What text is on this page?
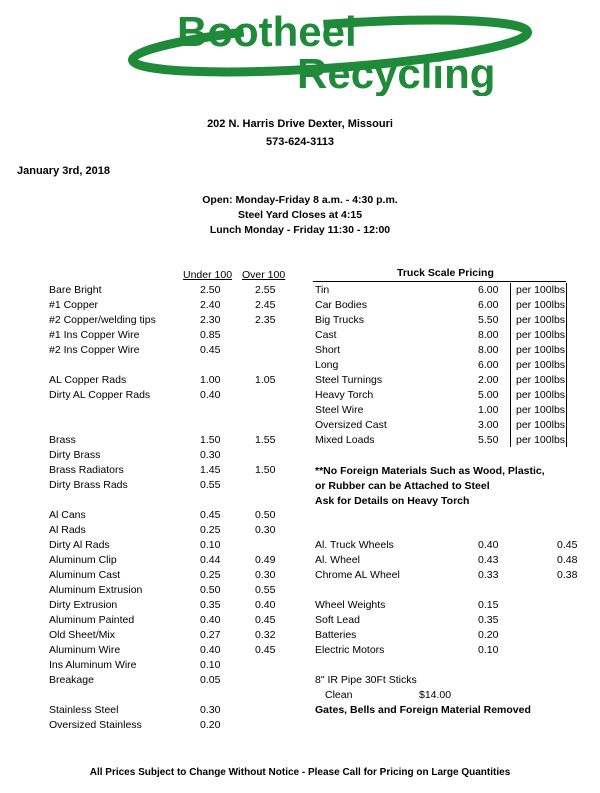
Bootheel
Recycling
202 N. Harris Drive Dexter, Missouri
573-624-3113
January 3rd, 2018
Open: Monday-Friday 8 a.m. - 4:30 p.m.
Steel Yard Closes at 4:15
Lunch Monday - Friday 11:30 - 12:00
Under 100 Over 100
Bare Bright	2.50	2.55
#1 Copper	2.40	2.45
#2 Copper/welding tips	2.30	2.35
#1 Ins Copper Wire	0.85
#2 Ins Copper Wire	0.45
AL Copper Rads	1.00	1.05
Dirty AL Copper Rads	0.40
Brass	1.50	1.55
Dirty Brass	0.30
Brass Radiators	1.45	1.50
Dirty Brass Rads	0.55
Al Cans	0.45	0.50
Al Rads	0.25	0.30
Dirty Al Rads	0.10
Aluminum Clip	0.44	0.49
Aluminum Cast	0.25	0.30
Aluminum Extrusion	0.50	0.55
Dirty Extrusion	0.35	0.40
Aluminum Painted	0.40	0.45
Old Sheet/Mix	0.27	0.32
Aluminum Wire	0.40	0.45
Ins Aluminum Wire	0.10
Breakage	0.05
Stainless Steel	0.30
Oversized Stainless	0.20
Truck Scale Pricing
Tin	6.00 per 100lbs
Car Bodies	6.00 per 100lbs
Big Trucks	5.50 per 100lbs
Cast	8.00 per 100lbs
Short	8.00 per 100lbs
Long	6.00 per 100lbs
Steel Turnings	2.00 per 100lbs
Heavy Torch	5.00 per 100lbs
Steel Wire	1.00 per 100lbs
Oversized Cast	3.00 per 100lbs
Mixed Loads	5.50 per 100lbs
**No Foreign Materials Such as Wood, Plastic,
or Rubber can be Attached to Steel
Ask for Details on Heavy Torch
Al. Truck Wheels	0.40	0.45
Al. Wheel	0.43	0.48
Chrome AL Wheel	0.33	0.38
Wheel Weights	0.15
Soft Lead	0.35
Batteries	0.20
Electric Motors	0.10
8" IR Pipe 30Ft Sticks
Clean	$14.00
Gates, Bells and Foreign Material Removed
All Prices Subject to Change Without Notice - Please Call for Pricing on Large Quantities
